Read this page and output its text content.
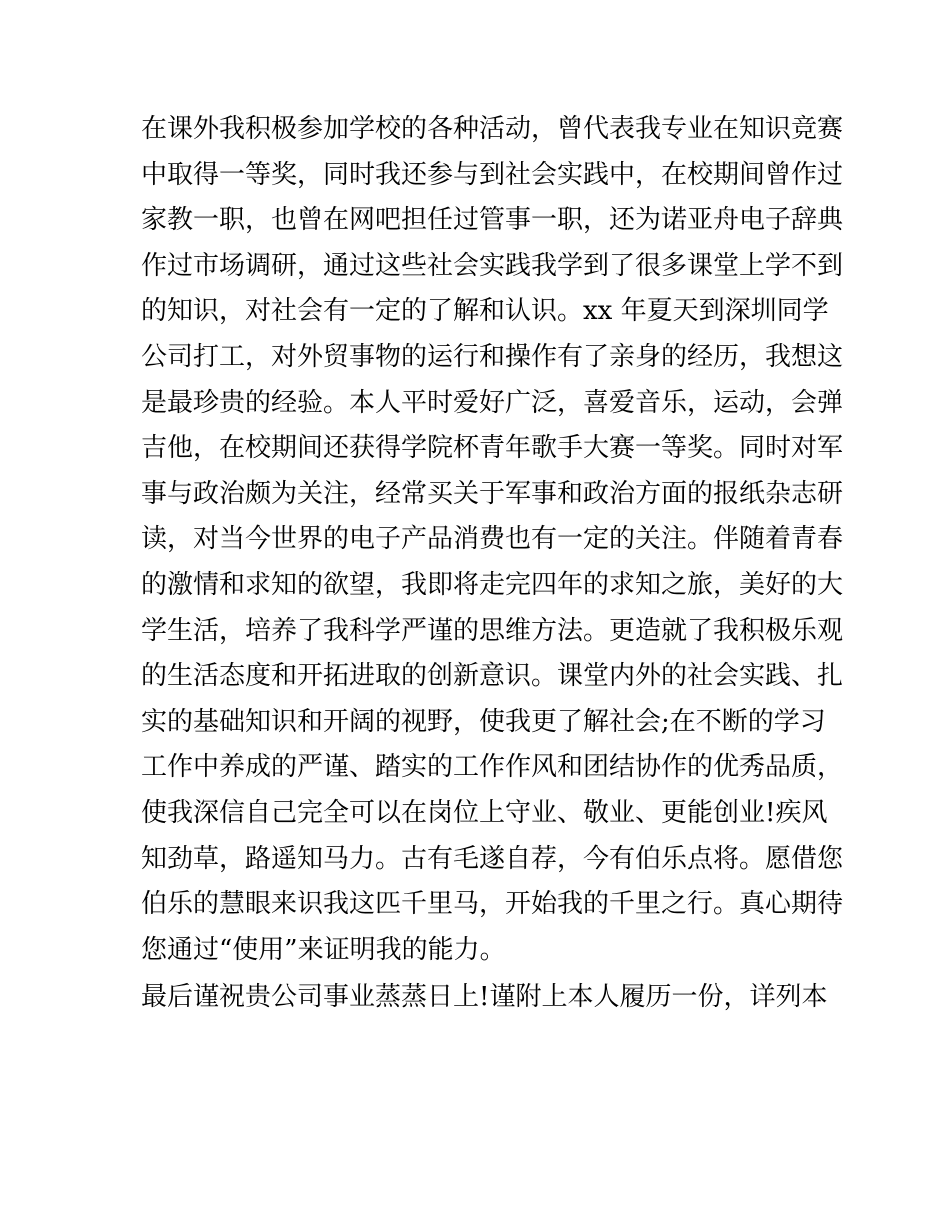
在课外我积极参加学校的各种活动，曾代表我专业在知识竞赛
中取得一等奖，同时我还参与到社会实践中，在校期间曾作过
家教一职，也曾在网吧担任过管事一职，还为诺亚舟电子辞典
作过市场调研，通过这些社会实践我学到了很多课堂上学不到
的知识，对社会有一定的了解和认识。xx 年夏天到深圳同学
公司打工，对外贸事物的运行和操作有了亲身的经历，我想这
是最珍贵的经验。本人平时爱好广泛，喜爱音乐，运动，会弹
吉他，在校期间还获得学院杯青年歌手大赛一等奖。同时对军
事与政治颇为关注，经常买关于军事和政治方面的报纸杂志研
读，对当今世界的电子产品消费也有一定的关注。伴随着青春
的激情和求知的欲望，我即将走完四年的求知之旅，美好的大
学生活，培养了我科学严谨的思维方法。更造就了我积极乐观
的生活态度和开拓进取的创新意识。课堂内外的社会实践、扎
实的基础知识和开阔的视野，使我更了解社会;在不断的学习
工作中养成的严谨、踏实的工作作风和团结协作的优秀品质，
使我深信自己完全可以在岗位上守业、敬业、更能创业!疾风
知劲草，路遥知马力。古有毛遂自荐，今有伯乐点将。愿借您
伯乐的慧眼来识我这匹千里马，开始我的千里之行。真心期待
您通过“使用”来证明我的能力。
最后谨祝贵公司事业蒸蒸日上!谨附上本人履历一份，详列本
